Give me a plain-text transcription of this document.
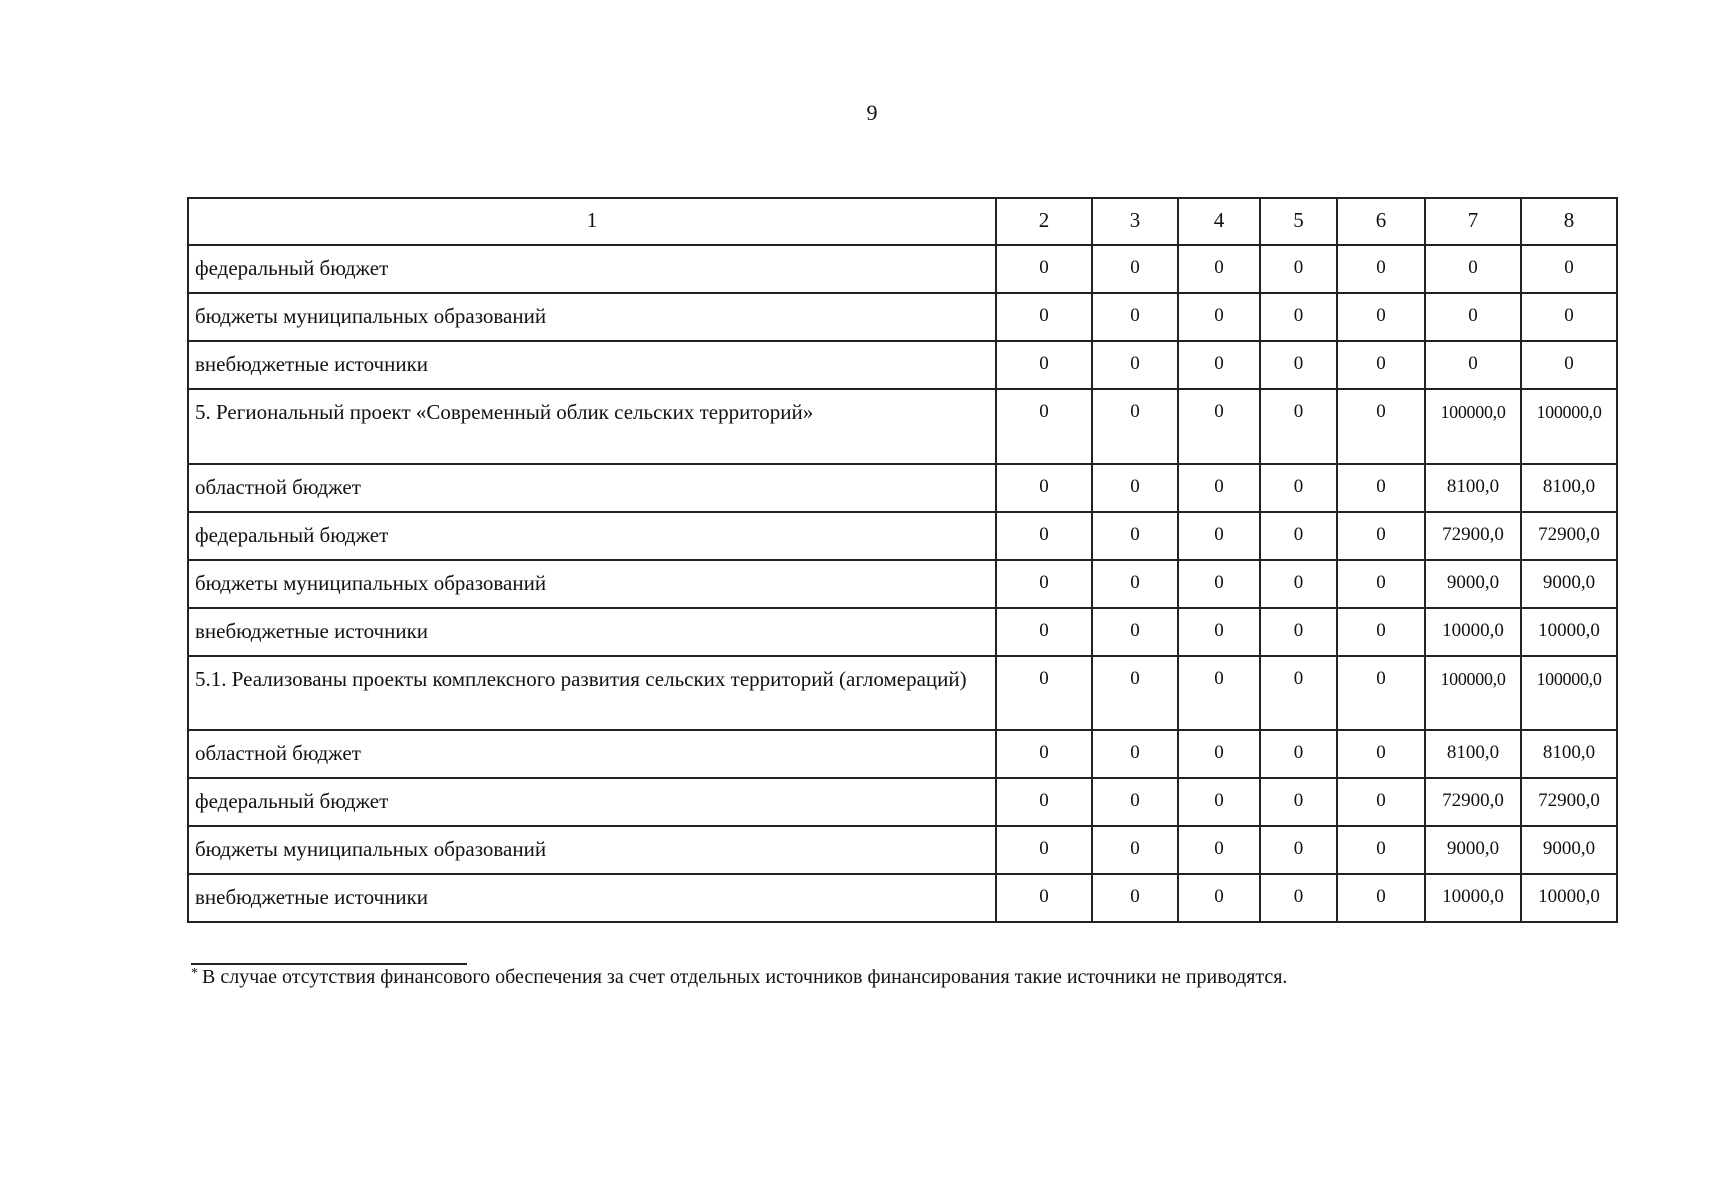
9
1	2	3	4	5	6	7	8

федеральный бюджет	0	0	0	0	0	0	0

бюджеты муниципальных образований	0	0	0	0	0	0	0

внебюджетные источники	0	0	0	0	0	0	0

5. Региональный проект «Современный облик сельских территорий»	0	0	0	0	0	100000,0	100000,0

областной бюджет	0	0	0	0	0	8100,0	8100,0

федеральный бюджет	0	0	0	0	0	72900,0	72900,0

бюджеты муниципальных образований	0	0	0	0	0	9000,0	9000,0

внебюджетные источники	0	0	0	0	0	10000,0	10000,0

5.1. Реализованы проекты комплексного развития сельских территорий (агломераций)	0	0	0	0	0	100000,0	100000,0

областной бюджет	0	0	0	0	0	8100,0	8100,0

федеральный бюджет	0	0	0	0	0	72900,0	72900,0

бюджеты муниципальных образований	0	0	0	0	0	9000,0	9000,0

внебюджетные источники	0	0	0	0	0	10000,0	10000,0
* В случае отсутствия финансового обеспечения за счет отдельных источников финансирования такие источники не приводятся.
